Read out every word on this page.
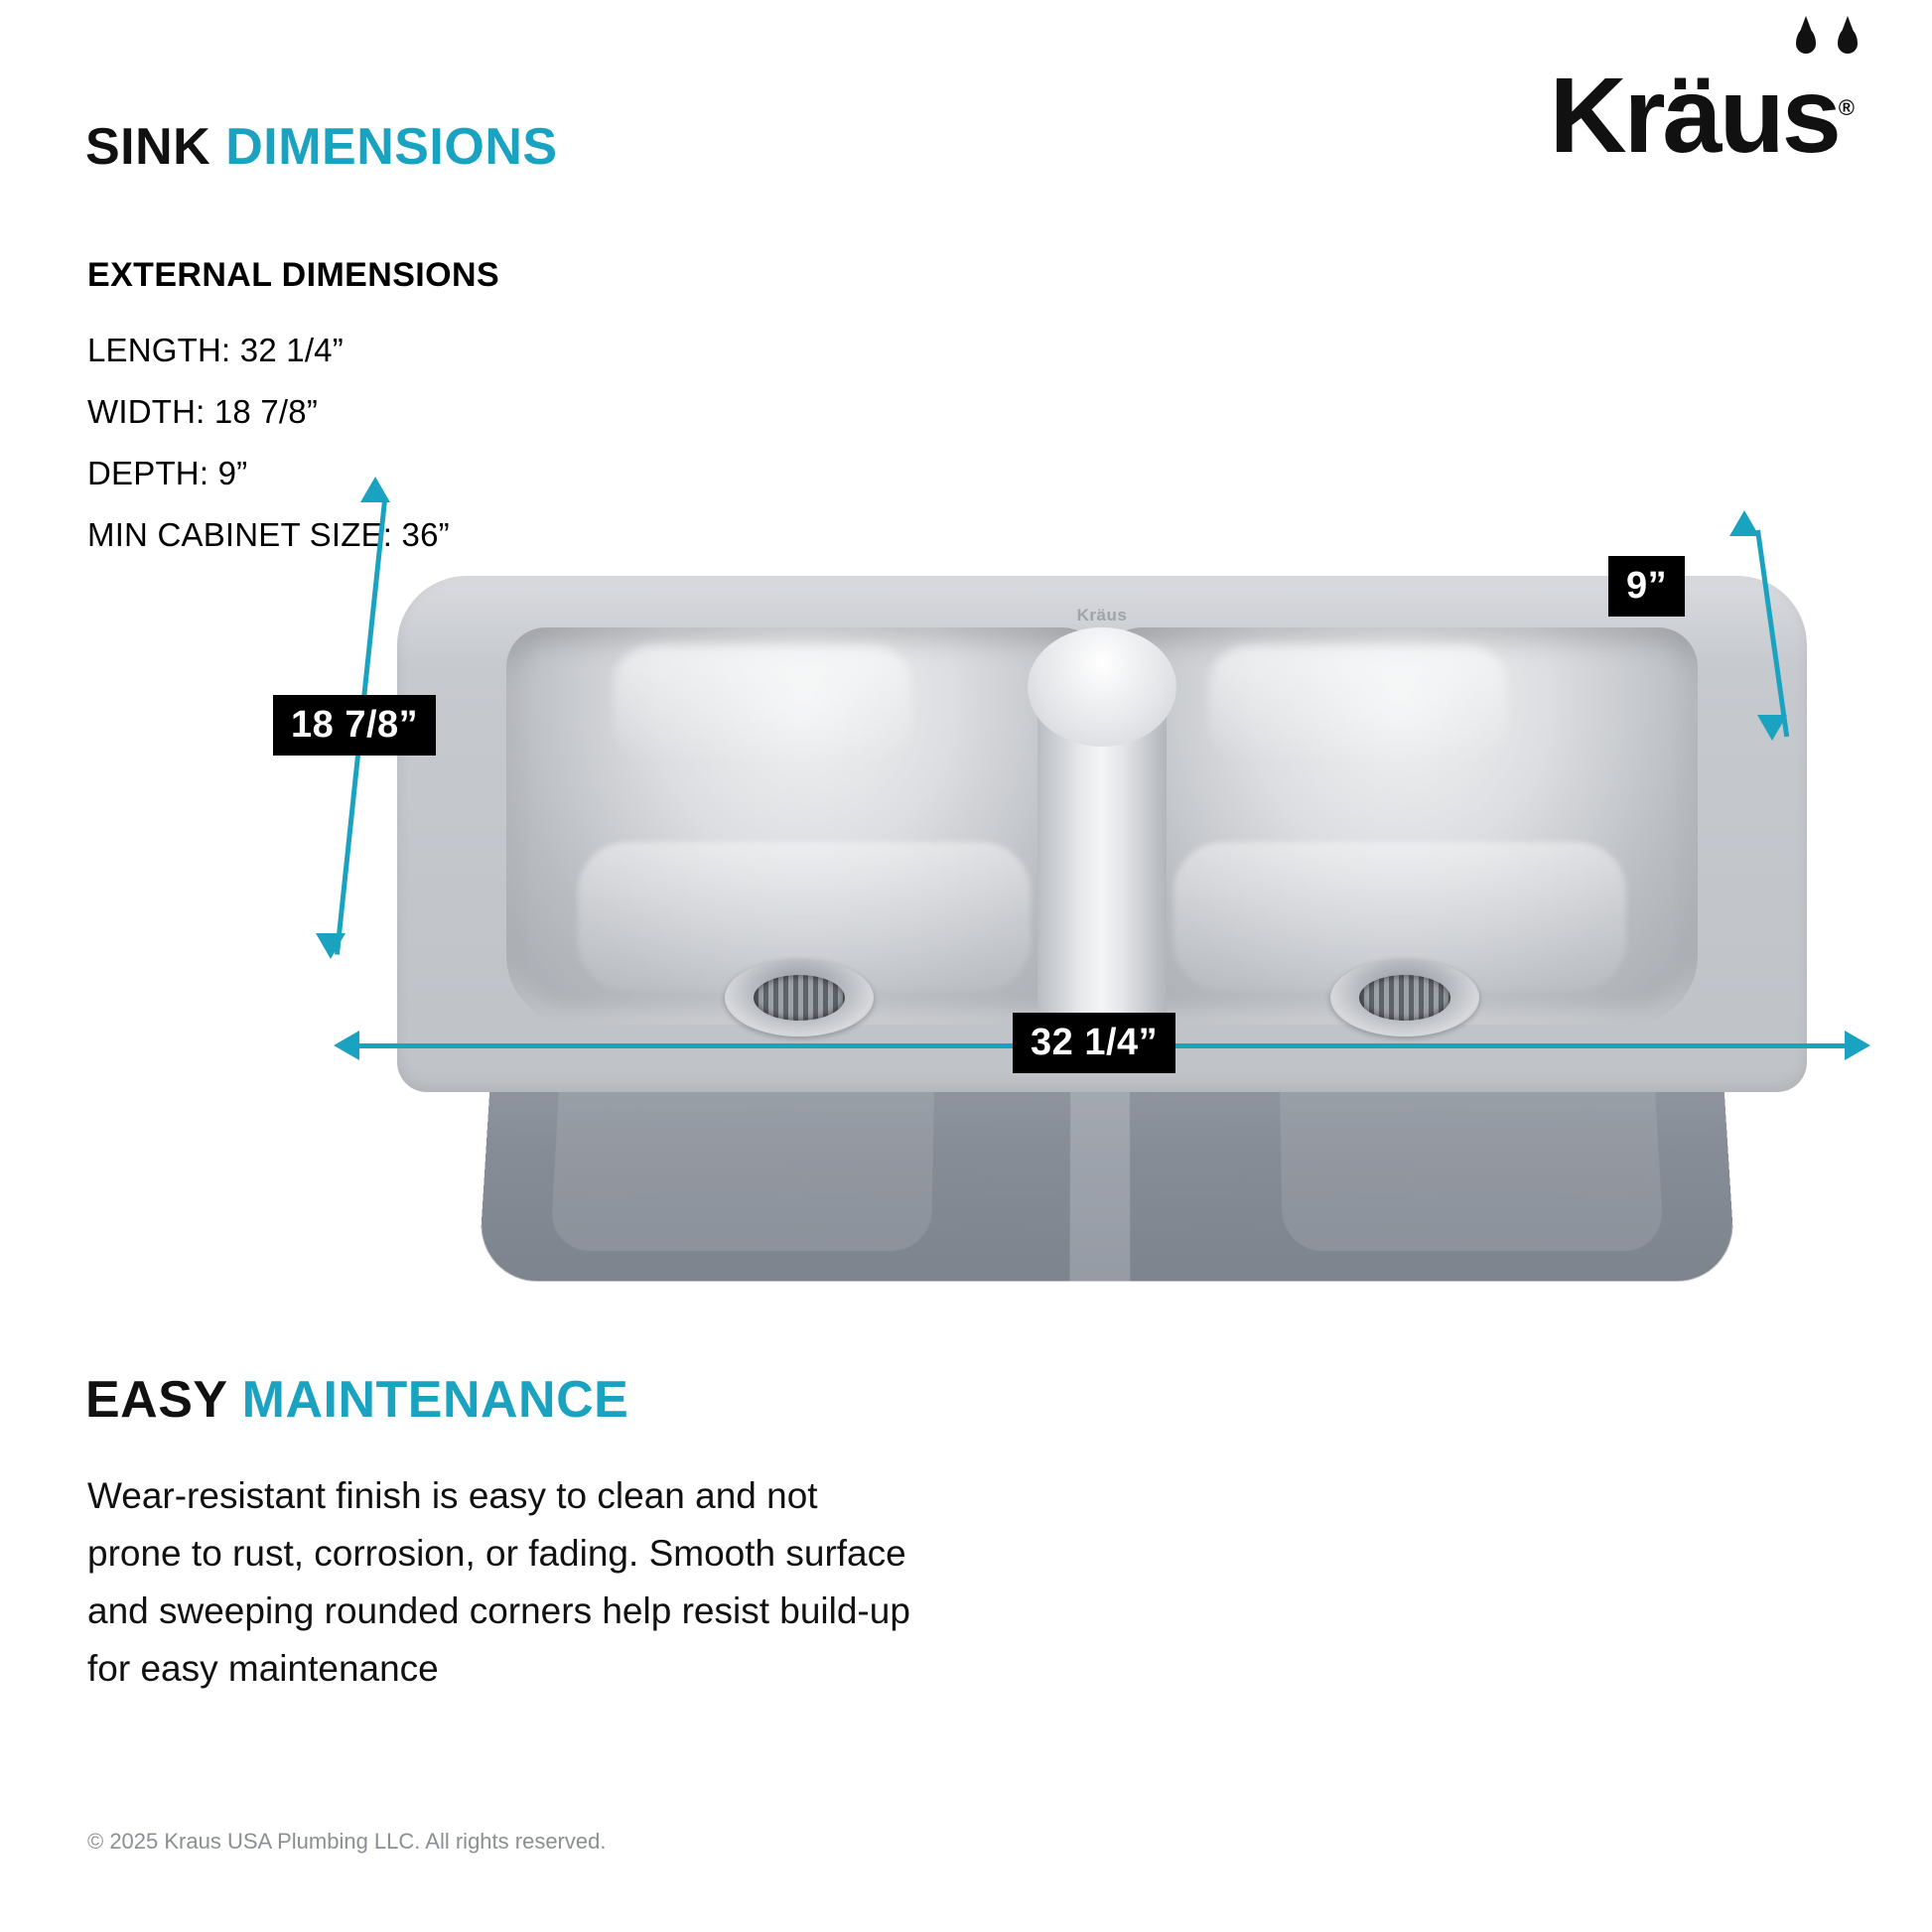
SINK DIMENSIONS	Kräus®
EXTERNAL DIMENSIONS
LENGTH: 32 1/4”
WIDTH: 18 7/8”
DEPTH: 9”
MIN CABINET SIZE: 36”
Kräus
9”
18 7/8”
32 1/4”
EASY MAINTENANCE
Wear-resistant finish is easy to clean and not prone to rust, corrosion, or fading. Smooth surface and sweeping rounded corners help resist build-up for easy maintenance
© 2025 Kraus USA Plumbing LLC. All rights reserved.
